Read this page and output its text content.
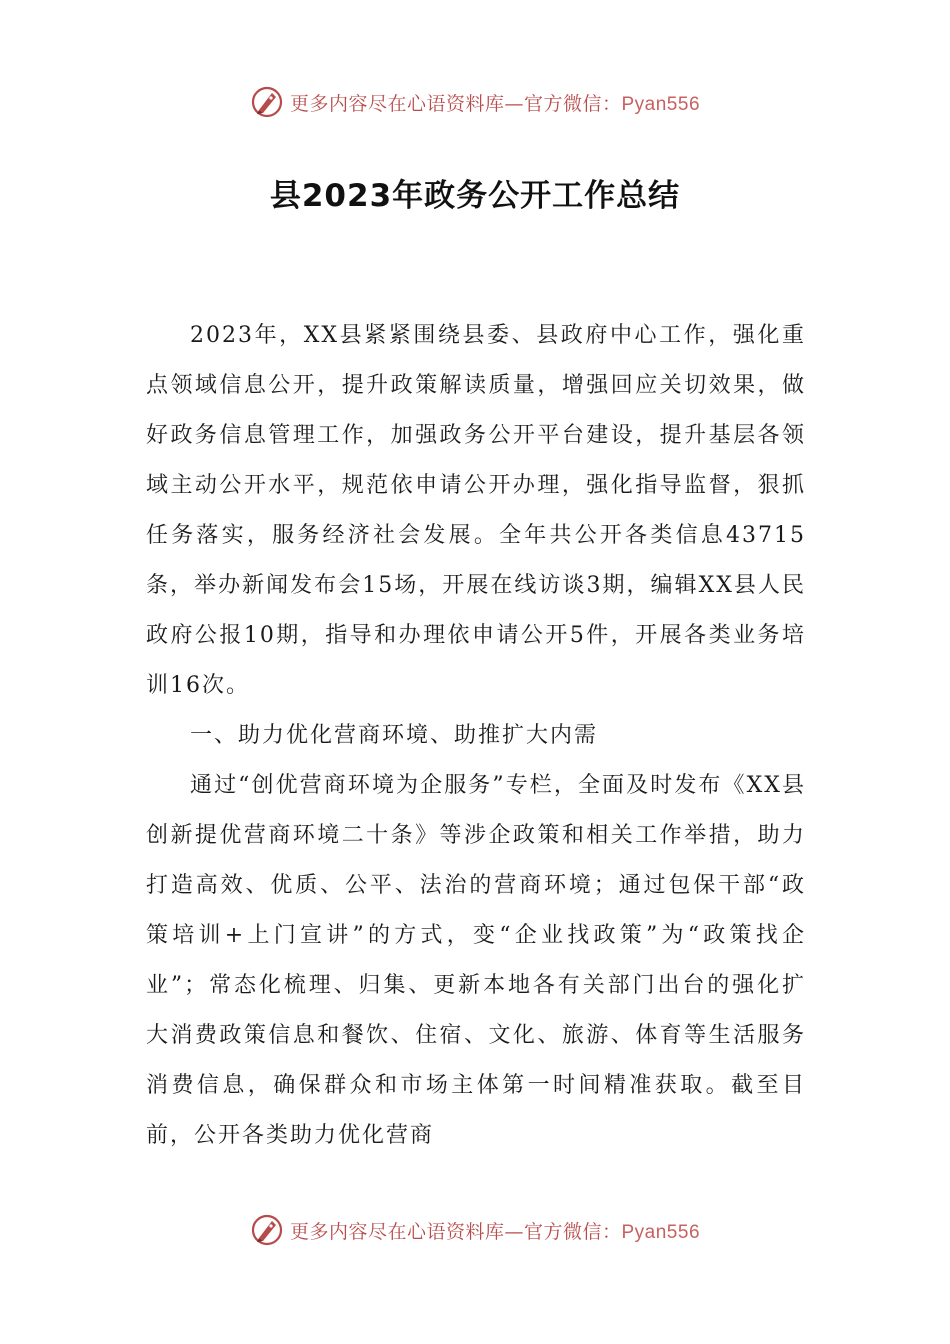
更多内容尽在心语资料库—官方微信：Pyan556
县2023年政务公开工作总结

2023年，XX县紧紧围绕县委、县政府中心工作，强化重点领域信息公开，提升政策解读质量，增强回应关切效果，做好政务信息管理工作，加强政务公开平台建设，提升基层各领域主动公开水平，规范依申请公开办理，强化指导监督，狠抓任务落实，服务经济社会发展。全年共公开各类信息43715条，举办新闻发布会15场，开展在线访谈3期，编辑XX县人民政府公报10期，指导和办理依申请公开5件，开展各类业务培训16次。

一、助力优化营商环境、助推扩大内需

通过“创优营商环境为企服务”专栏，全面及时发布《XX县创新提优营商环境二十条》等涉企政策和相关工作举措，助力打造高效、优质、公平、法治的营商环境；通过包保干部“政策培训+上门宣讲”的方式，变“企业找政策”为“政策找企业”；常态化梳理、归集、更新本地各有关部门出台的强化扩大消费政策信息和餐饮、住宿、文化、旅游、体育等生活服务消费信息，确保群众和市场主体第一时间精准获取。截至目前，公开各类助力优化营商

更多内容尽在心语资料库—官方微信：Pyan556
